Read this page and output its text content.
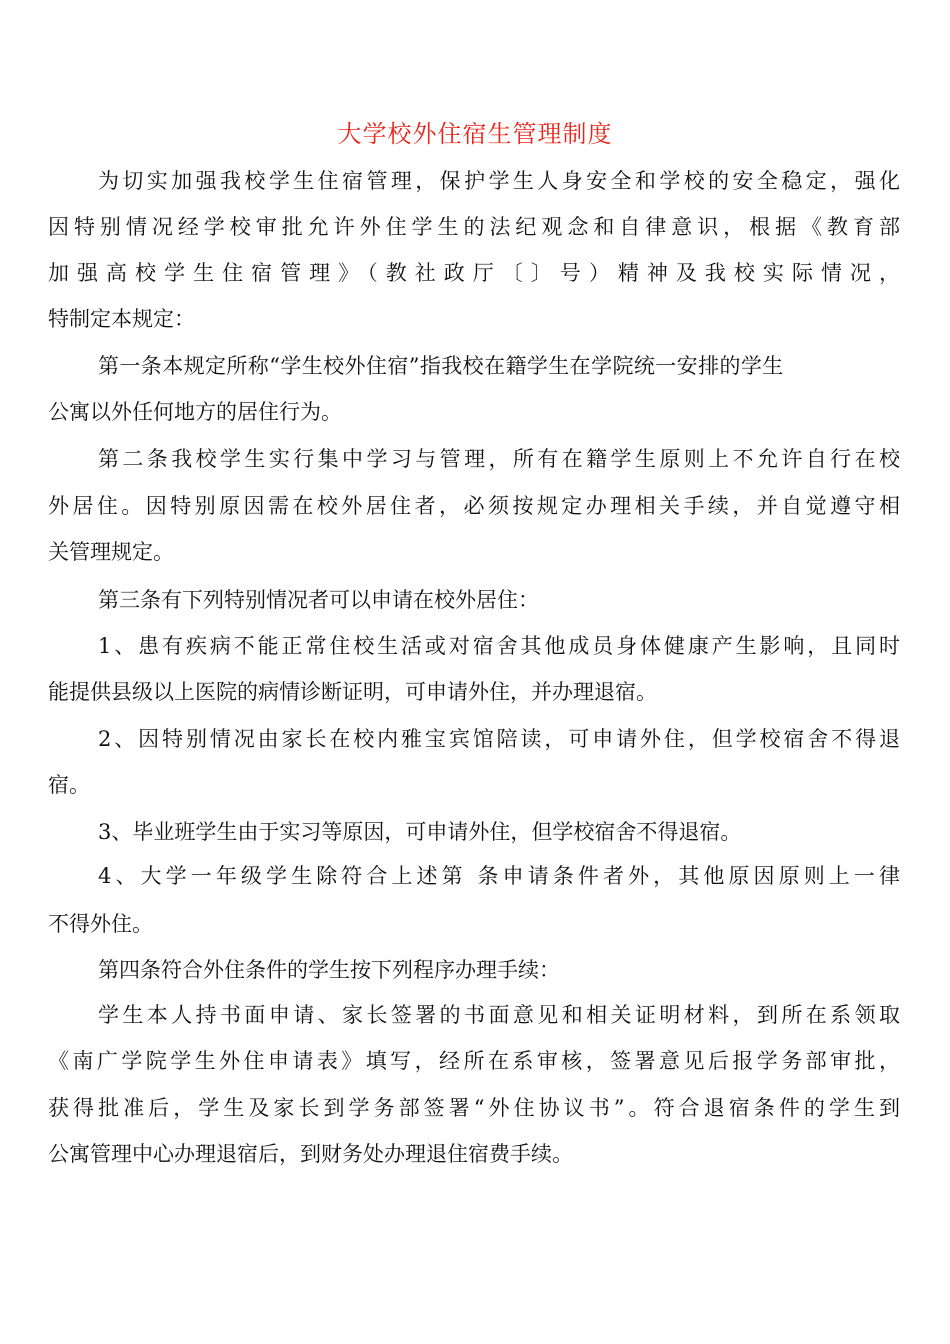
大学校外住宿生管理制度
为切实加强我校学生住宿管理，保护学生人身安全和学校的安全稳定，强化
因特别情况经学校审批允许外住学生的法纪观念和自律意识，根据《教育部
加强高校学生住宿管理》（教社政厅〔〕号）精神及我校实际情况，
特制定本规定：
第一条本规定所称“学生校外住宿”指我校在籍学生在学院统一安排的学生
公寓以外任何地方的居住行为。
第二条我校学生实行集中学习与管理，所有在籍学生原则上不允许自行在校
外居住。因特别原因需在校外居住者，必须按规定办理相关手续，并自觉遵守相
关管理规定。
第三条有下列特别情况者可以申请在校外居住：
1、患有疾病不能正常住校生活或对宿舍其他成员身体健康产生影响，且同时
能提供县级以上医院的病情诊断证明，可申请外住，并办理退宿。
2、因特别情况由家长在校内雅宝宾馆陪读，可申请外住，但学校宿舍不得退
宿。
3、毕业班学生由于实习等原因，可申请外住，但学校宿舍不得退宿。
4、大学一年级学生除符合上述第 条申请条件者外，其他原因原则上一律
不得外住。
第四条符合外住条件的学生按下列程序办理手续：
学生本人持书面申请、家长签署的书面意见和相关证明材料，到所在系领取
《南广学院学生外住申请表》填写，经所在系审核，签署意见后报学务部审批，
获得批准后，学生及家长到学务部签署“外住协议书”。符合退宿条件的学生到
公寓管理中心办理退宿后，到财务处办理退住宿费手续。
